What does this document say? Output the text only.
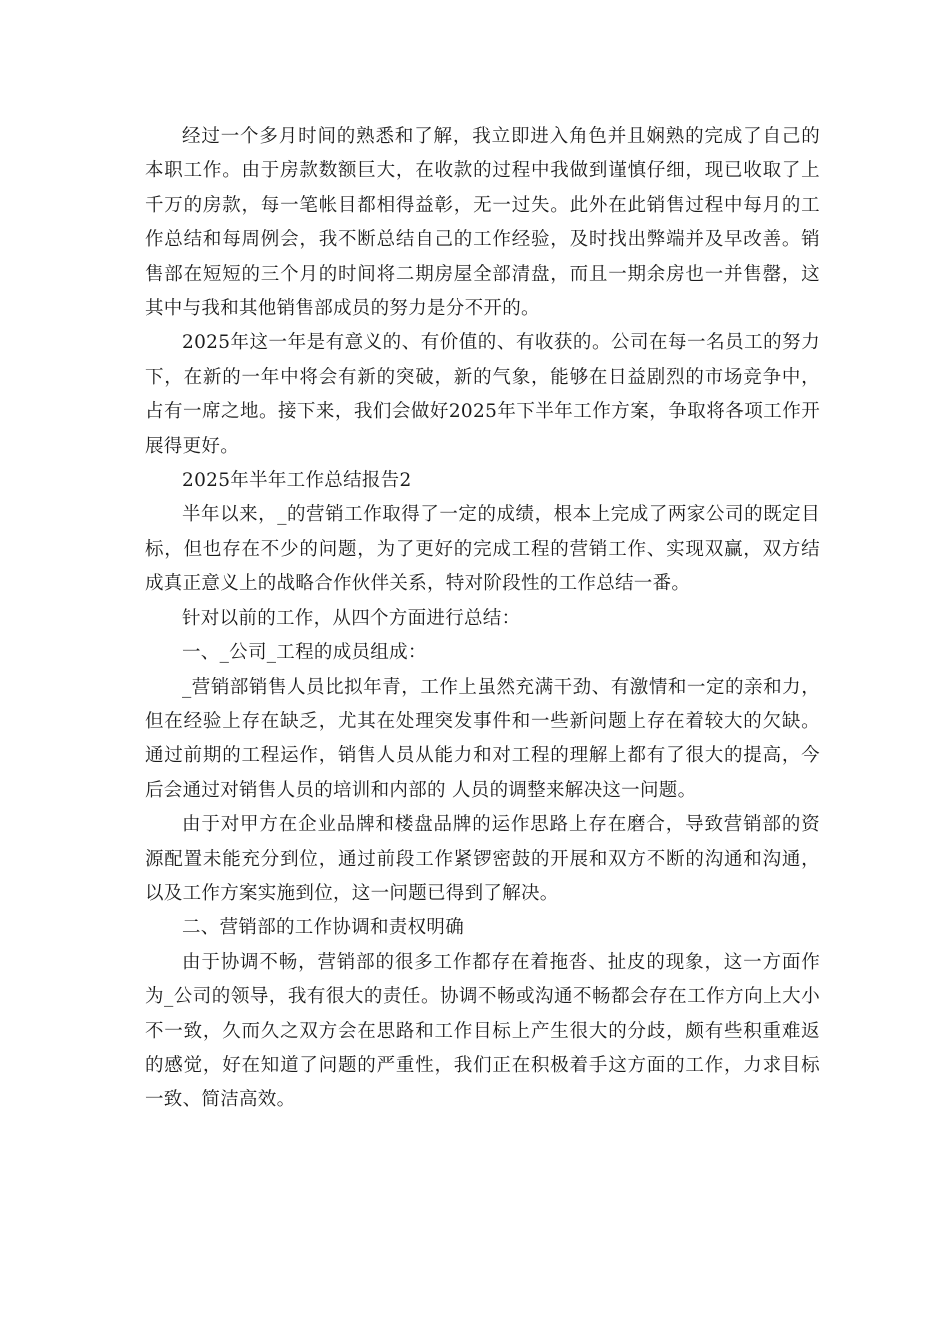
经过一个多月时间的熟悉和了解，我立即进入角色并且娴熟的完成了自己的本职工作。由于房款数额巨大，在收款的过程中我做到谨慎仔细，现已收取了上千万的房款，每一笔帐目都相得益彰，无一过失。此外在此销售过程中每月的工作总结和每周例会，我不断总结自己的工作经验，及时找出弊端并及早改善。销售部在短短的三个月的时间将二期房屋全部清盘，而且一期余房也一并售罄，这其中与我和其他销售部成员的努力是分不开的。

2025年这一年是有意义的、有价值的、有收获的。公司在每一名员工的努力下，在新的一年中将会有新的突破，新的气象，能够在日益剧烈的市场竞争中，占有一席之地。接下来，我们会做好2025年下半年工作方案，争取将各项工作开展得更好。

2025年半年工作总结报告2

半年以来，_的营销工作取得了一定的成绩，根本上完成了两家公司的既定目标，但也存在不少的问题，为了更好的完成工程的营销工作、实现双赢，双方结成真正意义上的战略合作伙伴关系，特对阶段性的工作总结一番。

针对以前的工作，从四个方面进行总结：

一、_公司_工程的成员组成：

_营销部销售人员比拟年青，工作上虽然充满干劲、有激情和一定的亲和力，但在经验上存在缺乏，尤其在处理突发事件和一些新问题上存在着较大的欠缺。通过前期的工程运作，销售人员从能力和对工程的理解上都有了很大的提高，今后会通过对销售人员的培训和内部的 人员的调整来解决这一问题。

由于对甲方在企业品牌和楼盘品牌的运作思路上存在磨合，导致营销部的资源配置未能充分到位，通过前段工作紧锣密鼓的开展和双方不断的沟通和沟通，以及工作方案实施到位，这一问题已得到了解决。

二、营销部的工作协调和责权明确

由于协调不畅，营销部的很多工作都存在着拖沓、扯皮的现象，这一方面作为_公司的领导，我有很大的责任。协调不畅或沟通不畅都会存在工作方向上大小不一致，久而久之双方会在思路和工作目标上产生很大的分歧，颇有些积重难返的感觉，好在知道了问题的严重性，我们正在积极着手这方面的工作，力求目标一致、简洁高效。
